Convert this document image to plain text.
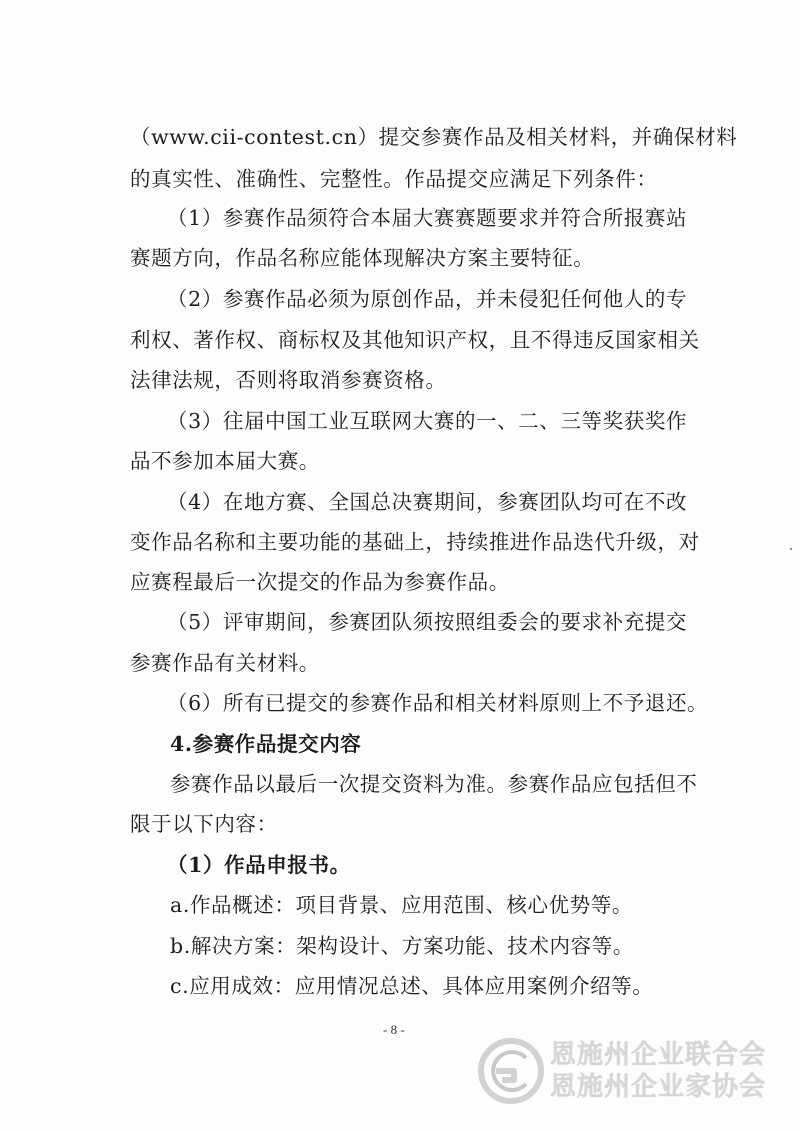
（www.cii-contest.cn）提交参赛作品及相关材料，并确保材料
的真实性、准确性、完整性。作品提交应满足下列条件：
（1）参赛作品须符合本届大赛赛题要求并符合所报赛站
赛题方向，作品名称应能体现解决方案主要特征。
（2）参赛作品必须为原创作品，并未侵犯任何他人的专
利权、著作权、商标权及其他知识产权，且不得违反国家相关
法律法规，否则将取消参赛资格。
（3）往届中国工业互联网大赛的一、二、三等奖获奖作
品不参加本届大赛。
（4）在地方赛、全国总决赛期间，参赛团队均可在不改
变作品名称和主要功能的基础上，持续推进作品迭代升级，对
应赛程最后一次提交的作品为参赛作品。
（5）评审期间，参赛团队须按照组委会的要求补充提交
参赛作品有关材料。
（6）所有已提交的参赛作品和相关材料原则上不予退还。
4.参赛作品提交内容
参赛作品以最后一次提交资料为准。参赛作品应包括但不
限于以下内容：
（1）作品申报书。
a.作品概述：项目背景、应用范围、核心优势等。
b.解决方案：架构设计、方案功能、技术内容等。
c.应用成效：应用情况总述、具体应用案例介绍等。
- 8 -
恩施州企业联合会
恩施州企业家协会
